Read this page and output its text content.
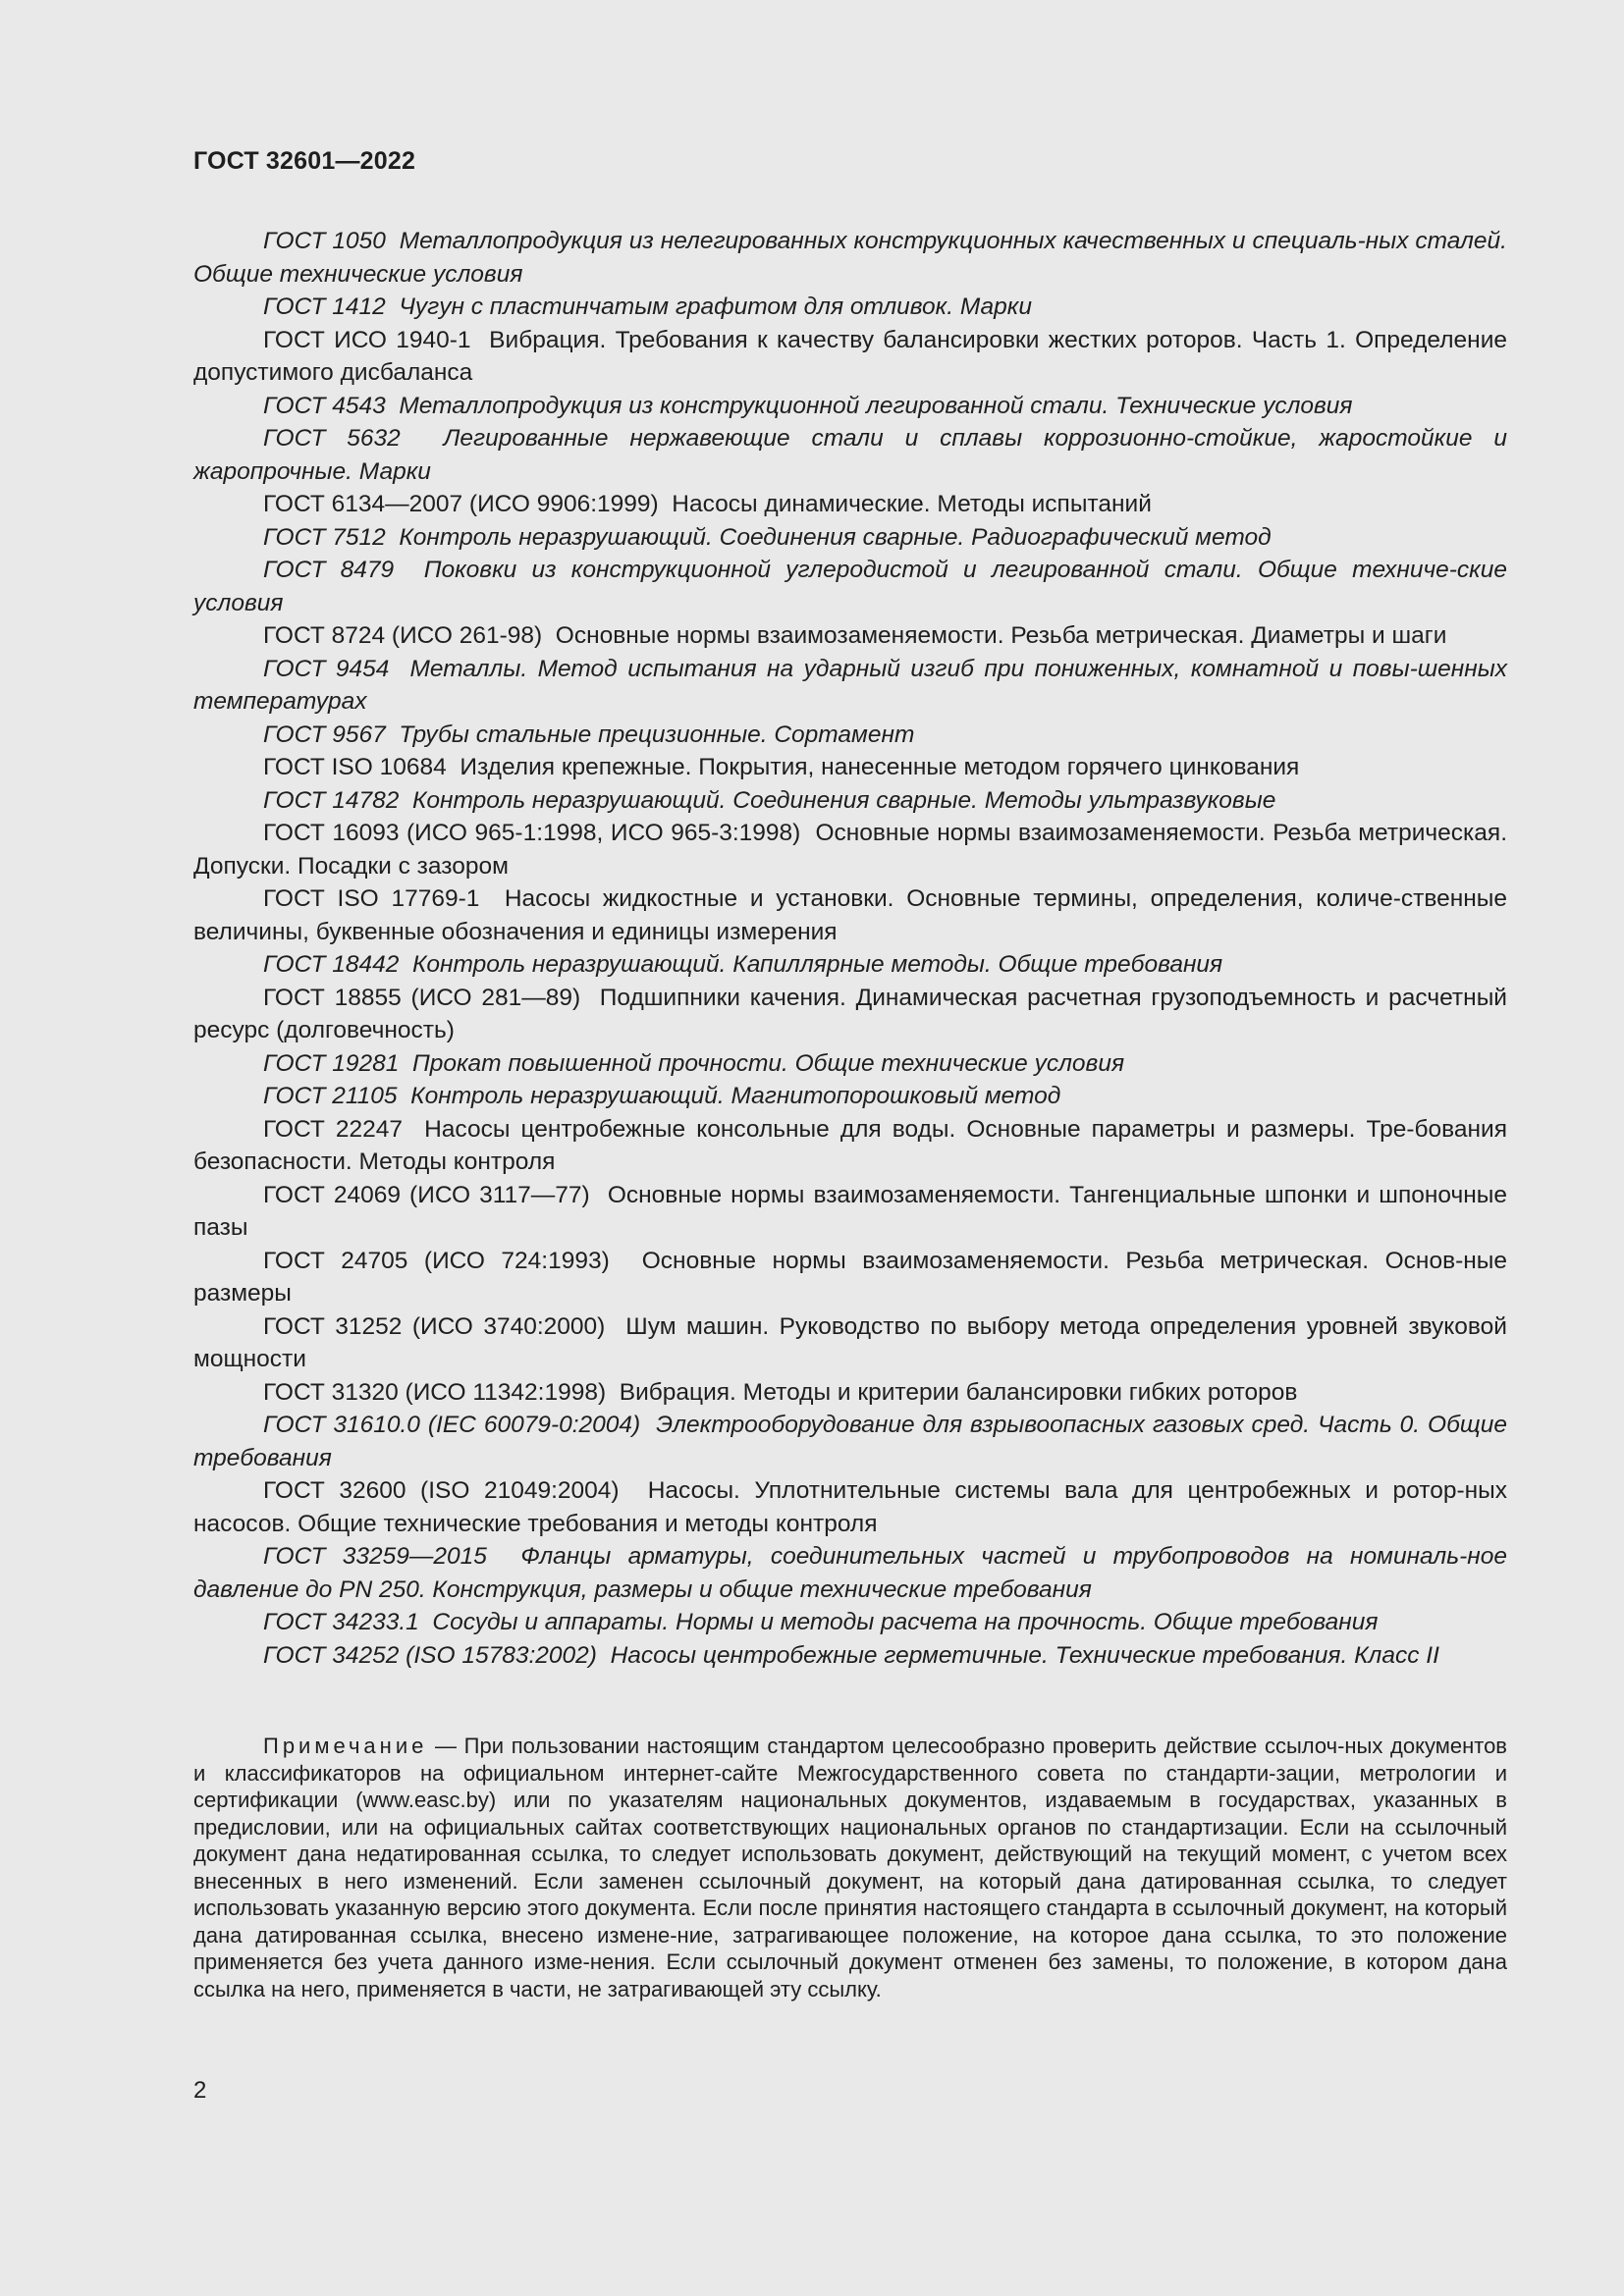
ГОСТ 32601—2022

ГОСТ 1050 Металлопродукция из нелегированных конструкционных качественных и специаль-ных сталей. Общие технические условия

ГОСТ 1412 Чугун с пластинчатым графитом для отливок. Марки

ГОСТ ИСО 1940-1 Вибрация. Требования к качеству балансировки жестких роторов. Часть 1. Определение допустимого дисбаланса

ГОСТ 4543 Металлопродукция из конструкционной легированной стали. Технические условия

ГОСТ 5632 Легированные нержавеющие стали и сплавы коррозионно-стойкие, жаростойкие и жаропрочные. Марки

ГОСТ 6134—2007 (ИСО 9906:1999) Насосы динамические. Методы испытаний

ГОСТ 7512 Контроль неразрушающий. Соединения сварные. Радиографический метод

ГОСТ 8479 Поковки из конструкционной углеродистой и легированной стали. Общие техниче-ские условия

ГОСТ 8724 (ИСО 261-98) Основные нормы взаимозаменяемости. Резьба метрическая. Диаметры и шаги

ГОСТ 9454 Металлы. Метод испытания на ударный изгиб при пониженных, комнатной и повы-шенных температурах

ГОСТ 9567 Трубы стальные прецизионные. Сортамент

ГОСТ ISO 10684 Изделия крепежные. Покрытия, нанесенные методом горячего цинкования

ГОСТ 14782 Контроль неразрушающий. Соединения сварные. Методы ультразвуковые

ГОСТ 16093 (ИСО 965-1:1998, ИСО 965-3:1998) Основные нормы взаимозаменяемости. Резьба метрическая. Допуски. Посадки с зазором

ГОСТ ISO 17769-1 Насосы жидкостные и установки. Основные термины, определения, количе-ственные величины, буквенные обозначения и единицы измерения

ГОСТ 18442 Контроль неразрушающий. Капиллярные методы. Общие требования

ГОСТ 18855 (ИСО 281—89) Подшипники качения. Динамическая расчетная грузоподъемность и расчетный ресурс (долговечность)

ГОСТ 19281 Прокат повышенной прочности. Общие технические условия

ГОСТ 21105 Контроль неразрушающий. Магнитопорошковый метод

ГОСТ 22247 Насосы центробежные консольные для воды. Основные параметры и размеры. Тре-бования безопасности. Методы контроля

ГОСТ 24069 (ИСО 3117—77) Основные нормы взаимозаменяемости. Тангенциальные шпонки и шпоночные пазы

ГОСТ 24705 (ИСО 724:1993) Основные нормы взаимозаменяемости. Резьба метрическая. Основ-ные размеры

ГОСТ 31252 (ИСО 3740:2000) Шум машин. Руководство по выбору метода определения уровней звуковой мощности

ГОСТ 31320 (ИСО 11342:1998) Вибрация. Методы и критерии балансировки гибких роторов

ГОСТ 31610.0 (IEC 60079-0:2004) Электрооборудование для взрывоопасных газовых сред. Часть 0. Общие требования

ГОСТ 32600 (ISO 21049:2004) Насосы. Уплотнительные системы вала для центробежных и ротор-ных насосов. Общие технические требования и методы контроля

ГОСТ 33259—2015 Фланцы арматуры, соединительных частей и трубопроводов на номиналь-ное давление до PN 250. Конструкция, размеры и общие технические требования

ГОСТ 34233.1 Сосуды и аппараты. Нормы и методы расчета на прочность. Общие требования

ГОСТ 34252 (ISO 15783:2002) Насосы центробежные герметичные. Технические требования. Класс II

Примечание — При пользовании настоящим стандартом целесообразно проверить действие ссылоч-ных документов и классификаторов на официальном интернет-сайте Межгосударственного совета по стандарти-зации, метрологии и сертификации (www.easc.by) или по указателям национальных документов, издаваемым в государствах, указанных в предисловии, или на официальных сайтах соответствующих национальных органов по стандартизации. Если на ссылочный документ дана недатированная ссылка, то следует использовать документ, действующий на текущий момент, с учетом всех внесенных в него изменений. Если заменен ссылочный документ, на который дана датированная ссылка, то следует использовать указанную версию этого документа. Если после принятия настоящего стандарта в ссылочный документ, на который дана датированная ссылка, внесено измене-ние, затрагивающее положение, на которое дана ссылка, то это положение применяется без учета данного изме-нения. Если ссылочный документ отменен без замены, то положение, в котором дана ссылка на него, применяется в части, не затрагивающей эту ссылку.
2
